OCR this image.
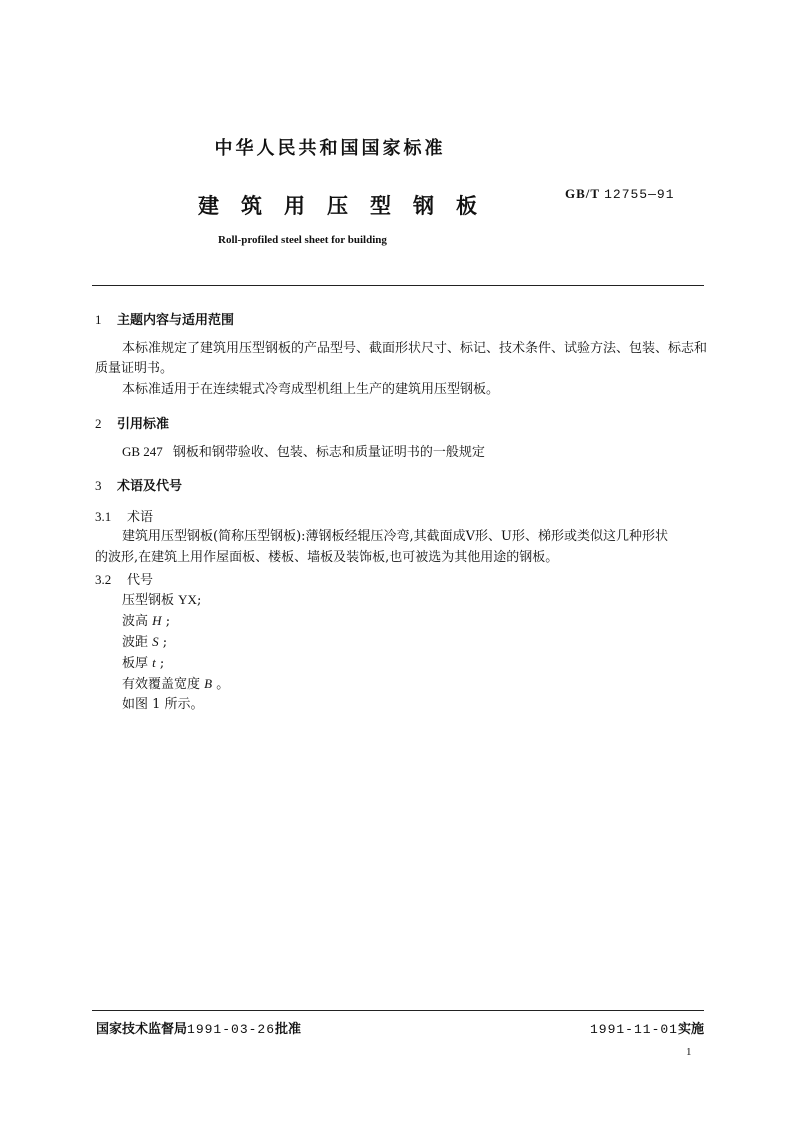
中华人民共和国国家标准
建筑用压型钢板
GB/T 12755—91
Roll-profiled steel sheet for building
1 主题内容与适用范围
本标准规定了建筑用压型钢板的产品型号、截面形状尺寸、标记、技术条件、试验方法、包装、标志和
质量证明书。
本标准适用于在连续辊式冷弯成型机组上生产的建筑用压型钢板。
2 引用标准
GB 247 钢板和钢带验收、包装、标志和质量证明书的一般规定
3 术语及代号
3.1 术语
建筑用压型钢板(简称压型钢板):薄钢板经辊压冷弯,其截面成V形、U形、梯形或类似这几种形状
的波形,在建筑上用作屋面板、楼板、墙板及装饰板,也可被选为其他用途的钢板。
3.2 代号
压型钢板 YX;
波高 H ;
波距 S ;
板厚 t ;
有效覆盖宽度 B 。
如图 1 所示。
国家技术监督局1991-03-26批准	1991-11-01实施
1
